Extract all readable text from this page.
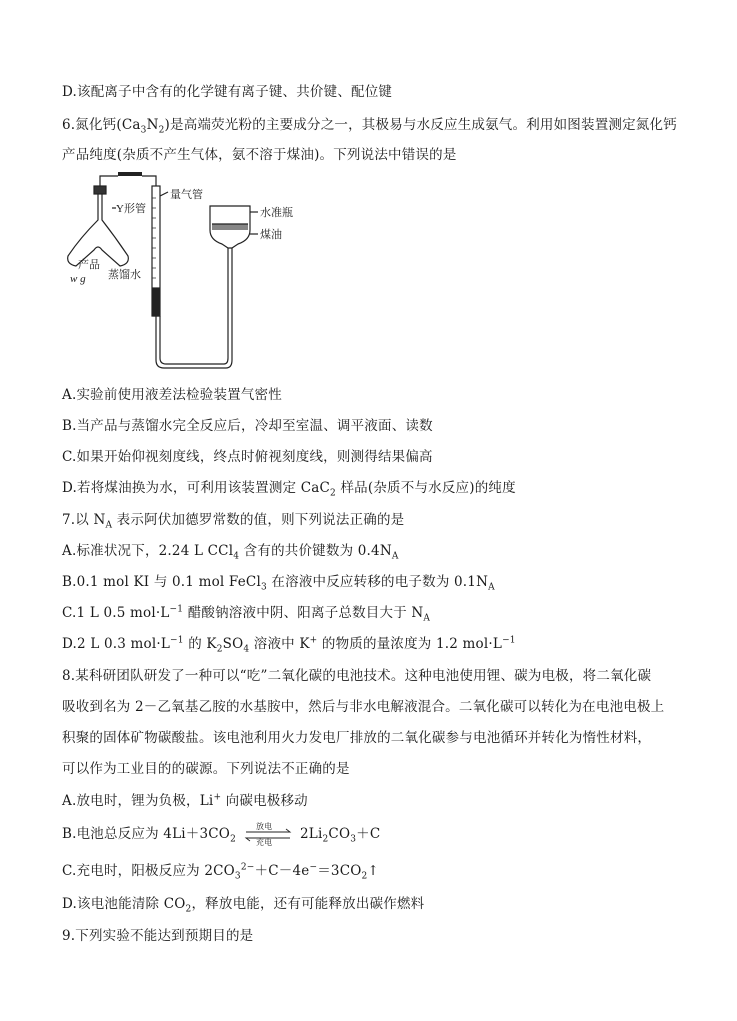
D.该配离子中含有的化学键有离子键、共价键、配位键
6.氮化钙$(Ca_3N_2)$是高端荧光粉的主要成分之一，其极易与水反应生成氨气。利用如图装置测定氮化钙
产品纯度(杂质不产生气体，氨不溶于煤油)。下列说法中错误的是
Y形管
量气管
水准瓶
煤油
产品
w g 蒸馏水
A.实验前使用液差法检验装置气密性
B.当产品与蒸馏水完全反应后，冷却至室温、调平液面、读数
C.如果开始仰视刻度线，终点时俯视刻度线，则测得结果偏高
D.若将煤油换为水，可利用该装置测定 CaC$_2$ 样品(杂质不与水反应)的纯度
7.以 $N_A$ 表示阿伏加德罗常数的值，则下列说法正确的是
A.标准状况下，2.24 L CCl$_4$ 含有的共价键数为 $0.4N_A$
B.0.1 mol KI 与 0.1 mol FeCl$_3$ 在溶液中反应转移的电子数为 $0.1N_A$
C.1 L 0.5 $mol\cdot L^{-1}$ 醋酸钠溶液中阴、阳离子总数目大于 $N_A$
D.2 L 0.3 $mol\cdot L^{-1}$ 的 $K_2SO_4$ 溶液中 K+ 的物质的量浓度为 1.2 $mol\cdot L^{-1}$
8.某科研团队研发了一种可以“吃”二氧化碳的电池技术。这种电池使用锂、碳为电极，将二氧化碳
吸收到名为 2－乙氧基乙胺的水基胺中，然后与非水电解液混合。二氧化碳可以转化为在电池电极上
积聚的固体矿物碳酸盐。该电池利用火力发电厂排放的二氧化碳参与电池循环并转化为惰性材料，
可以作为工业目的的碳源。下列说法不正确的是
A.放电时，锂为负极，Li+ 向碳电极移动
B.电池总反应为 $4Li+3CO_2$
放电
充电 $2Li_2CO_3+C$
C.充电时，阳极反应为 $2CO_3^{2-}+C-4e^-=3CO_2↑$
D.该电池能清除 $CO_2$，释放电能，还有可能释放出碳作燃料
9.下列实验不能达到预期目的是
